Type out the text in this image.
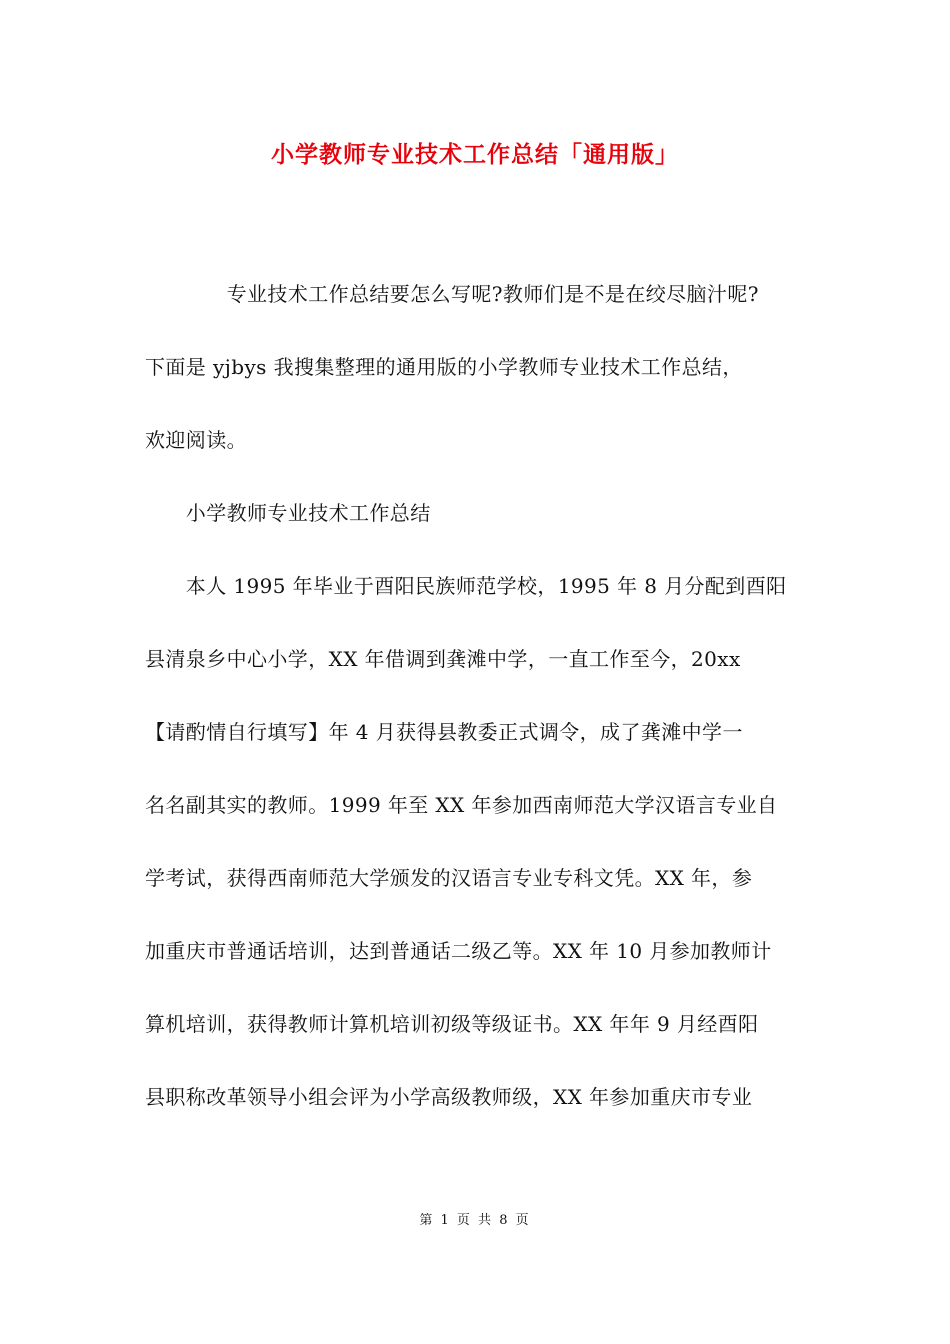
小学教师专业技术工作总结「通用版」
　　　　专业技术工作总结要怎么写呢?教师们是不是在绞尽脑汁呢?
下面是 yjbys 我搜集整理的通用版的小学教师专业技术工作总结，
欢迎阅读。
　　小学教师专业技术工作总结
　　本人 1995 年毕业于酉阳民族师范学校，1995 年 8 月分配到酉阳
县清泉乡中心小学，XX 年借调到龚滩中学，一直工作至今，20xx
【请酌情自行填写】年 4 月获得县教委正式调令，成了龚滩中学一
名名副其实的教师。1999 年至 XX 年参加西南师范大学汉语言专业自
学考试，获得西南师范大学颁发的汉语言专业专科文凭。XX 年，参
加重庆市普通话培训，达到普通话二级乙等。XX 年 10 月参加教师计
算机培训，获得教师计算机培训初级等级证书。XX 年年 9 月经酉阳
县职称改革领导小组会评为小学高级教师级，XX 年参加重庆市专业
第 1 页 共 8 页
